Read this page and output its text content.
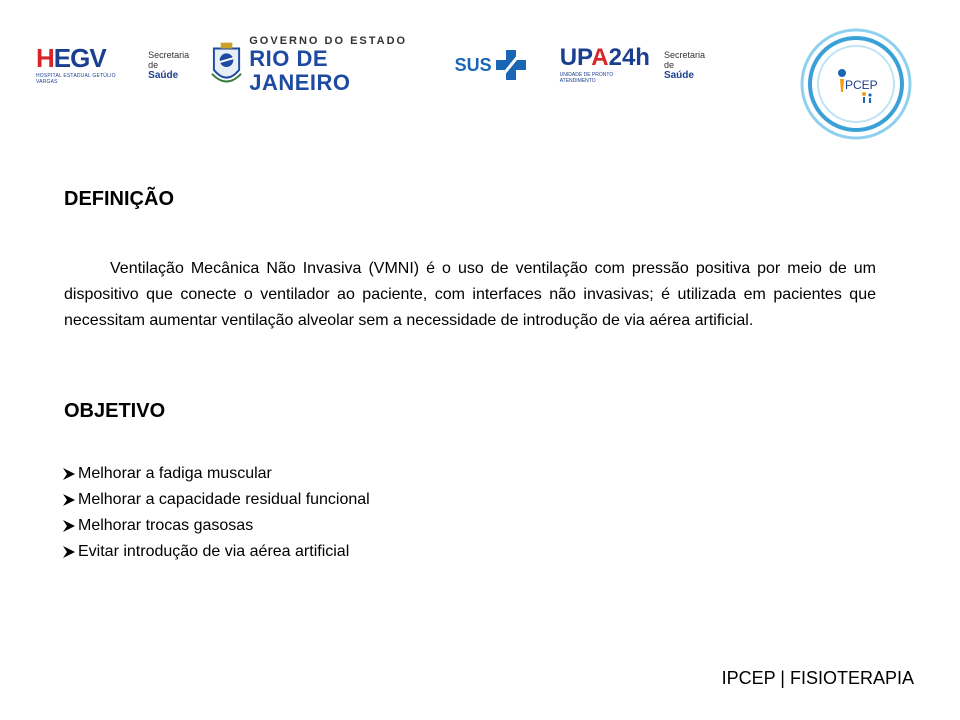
HEGV
HOSPITAL ESTADUAL GETÚLIO VARGAS
Secretaria de
Saúde
GOVERNO DO ESTADO
RIO DE JANEIRO
SUS	UPA24h
UNIDADE DE PRONTO ATENDIMENTO
Secretaria de
Saúde
PCEP
DEFINIÇÃO

Ventilação Mecânica Não Invasiva (VMNI) é o uso de ventilação com pressão positiva por meio de um dispositivo que conecte o ventilador ao paciente, com interfaces não invasivas; é utilizada em pacientes que necessitam aumentar ventilação alveolar sem a necessidade de introdução de via aérea artificial.

OBJETIVO
Melhorar a fadiga muscular
Melhorar a capacidade residual funcional
Melhorar trocas gasosas
Evitar introdução de via aérea artificial
IPCEP | FISIOTERAPIA
